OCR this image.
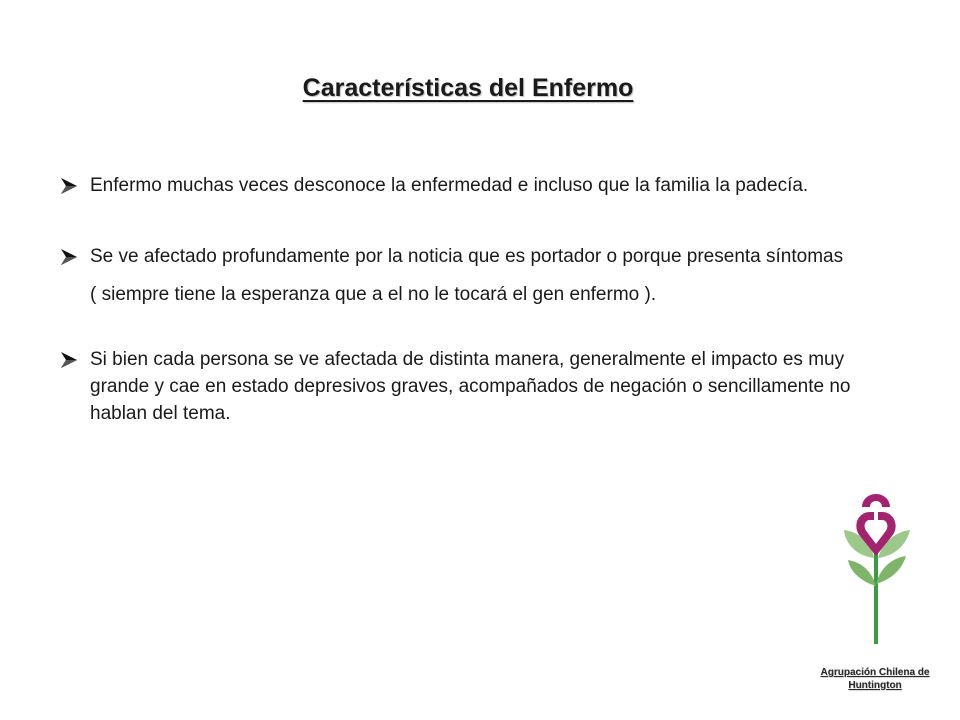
Características del Enfermo
Enfermo muchas veces desconoce la enfermedad e incluso que la familia la padecía.
Se ve afectado profundamente por la noticia que es portador o porque presenta síntomas
( siempre tiene la esperanza que a el no le tocará el gen enfermo ).
Si bien cada persona se ve afectada de distinta manera, generalmente el impacto es muy grande y cae en estado depresivos graves, acompañados de negación o sencillamente no hablan del tema.
Agrupación Chilena de Huntington
